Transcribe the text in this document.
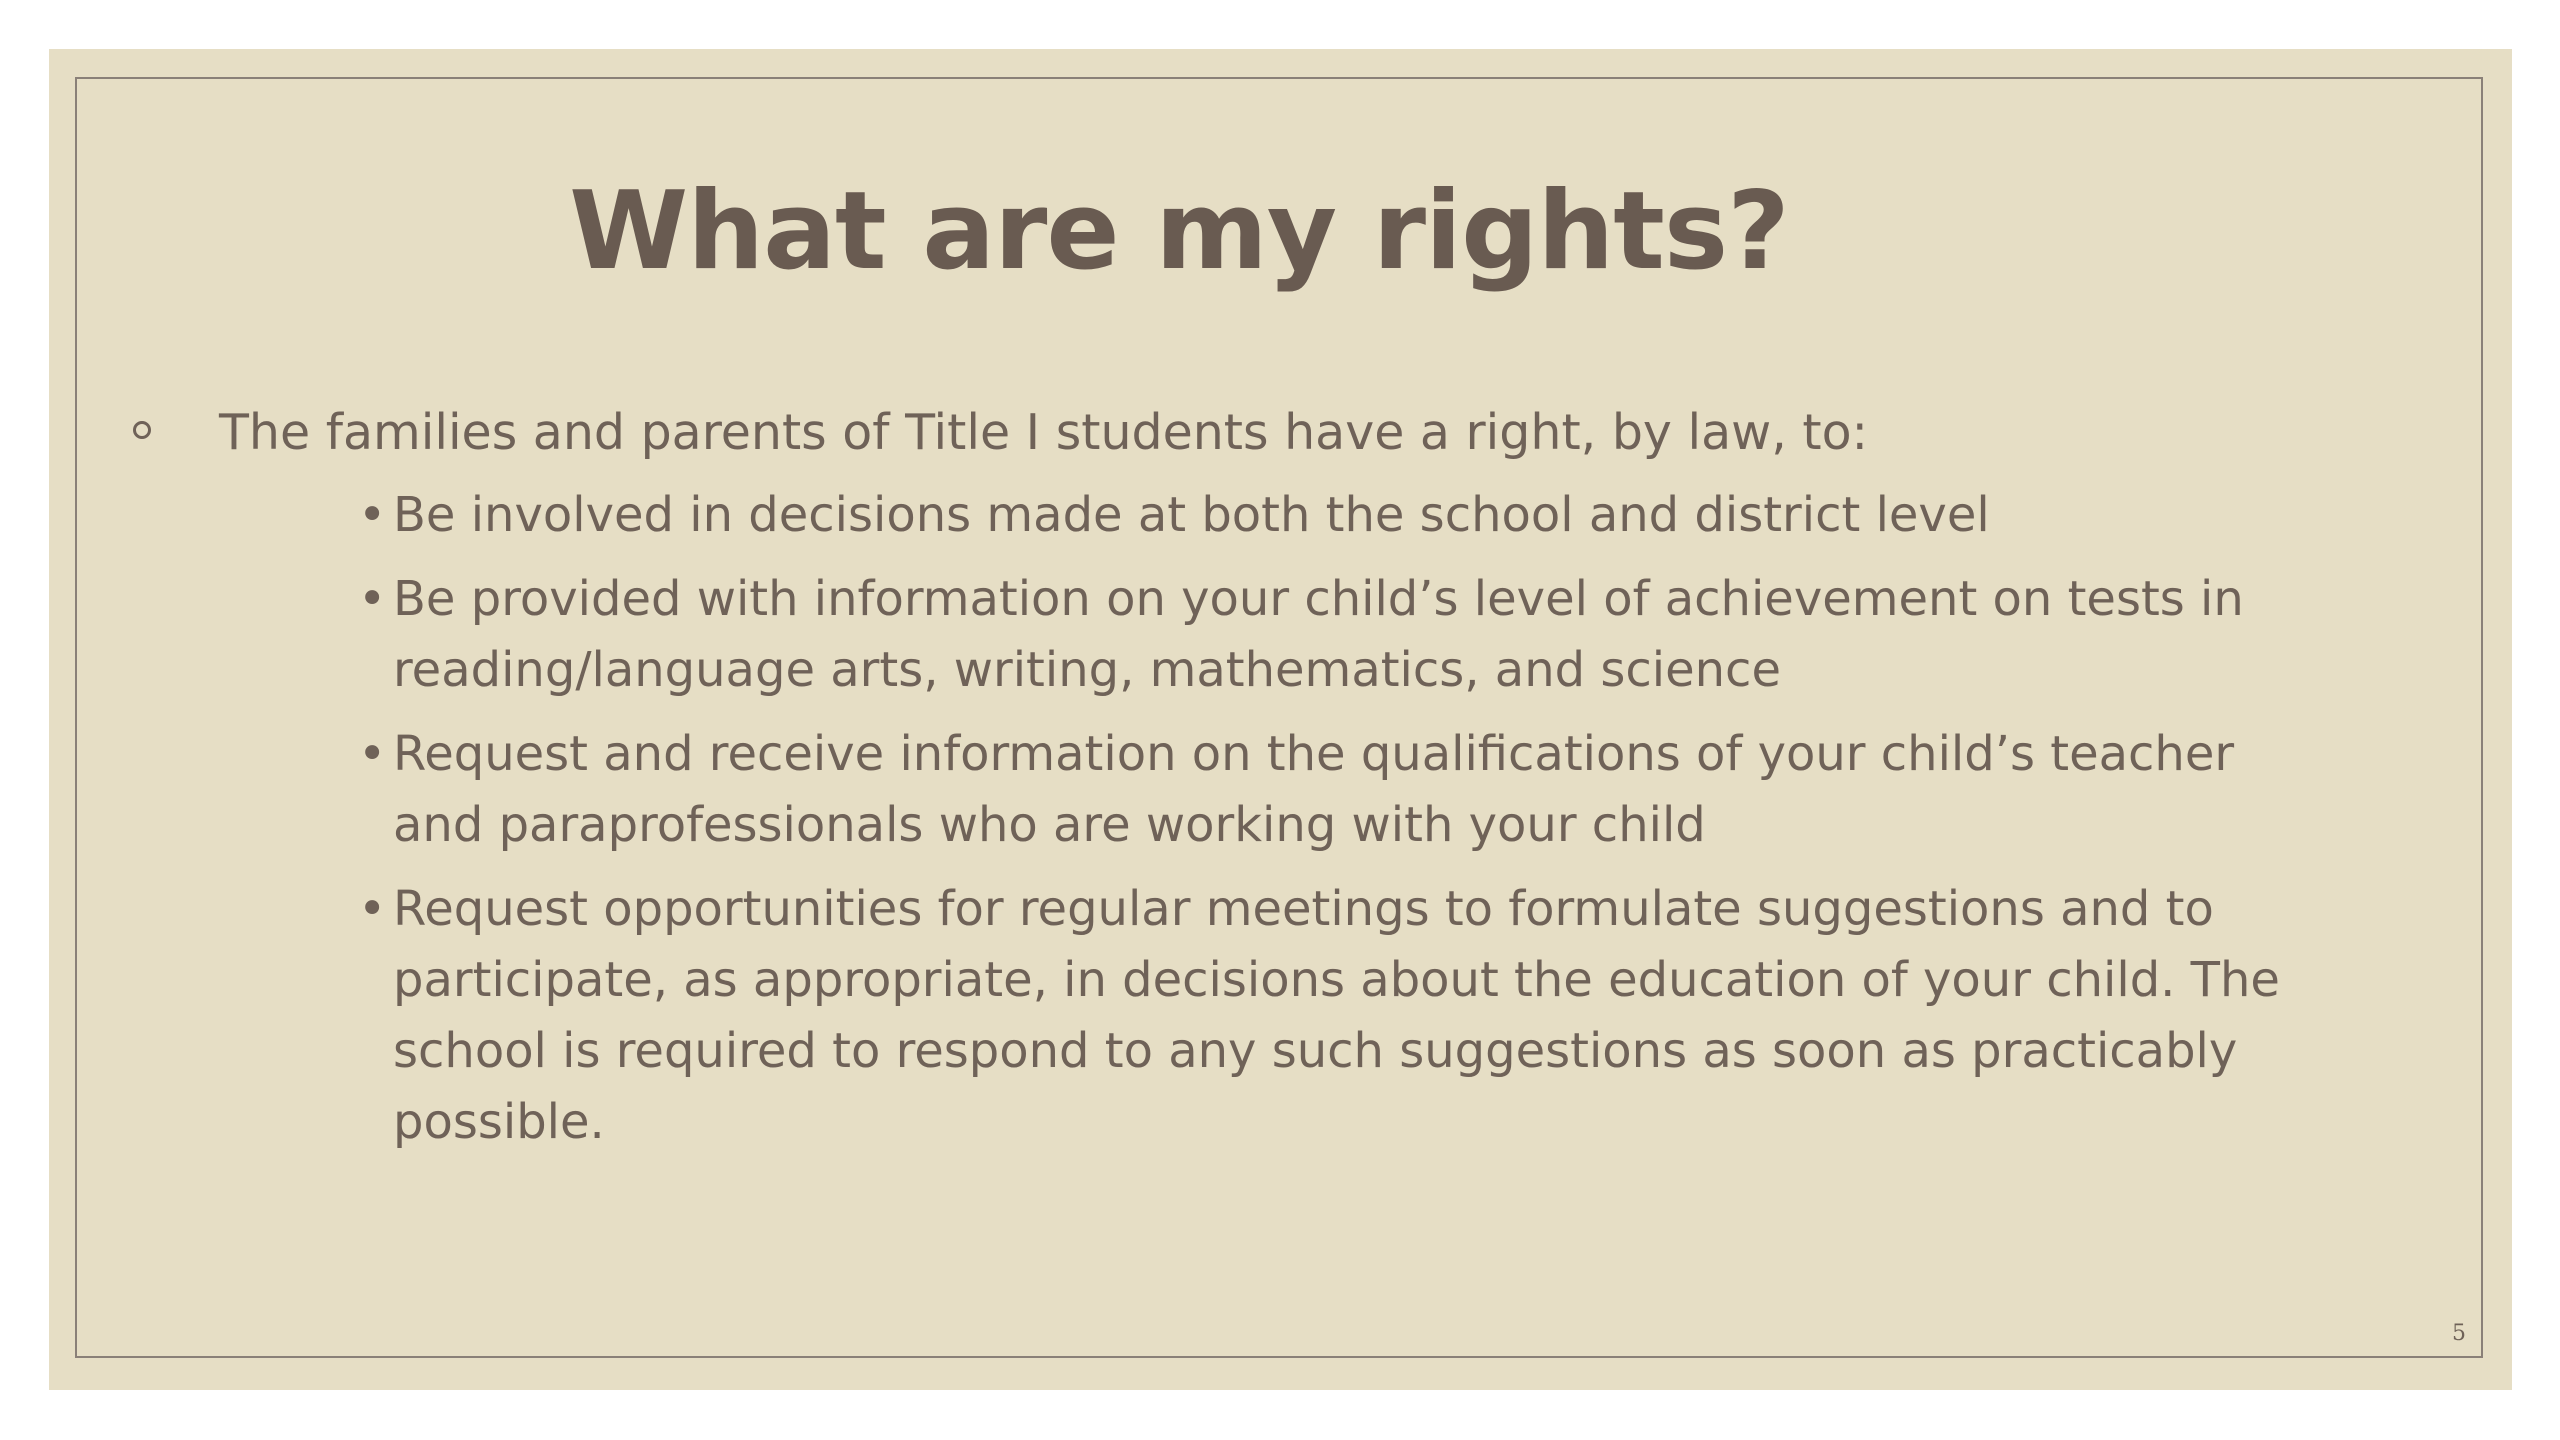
What are my rights?
The families and parents of Title I students have a right, by law, to:
• Be involved in decisions made at both the school and district level
• Be provided with information on your child’s level of achievement on tests in reading/language arts, writing, mathematics, and science
• Request and receive information on the qualifications of your child’s teacher and paraprofessionals who are working with your child
• Request opportunities for regular meetings to formulate suggestions and to participate, as appropriate, in decisions about the education of your child. The school is required to respond to any such suggestions as soon as practicably possible.
5
